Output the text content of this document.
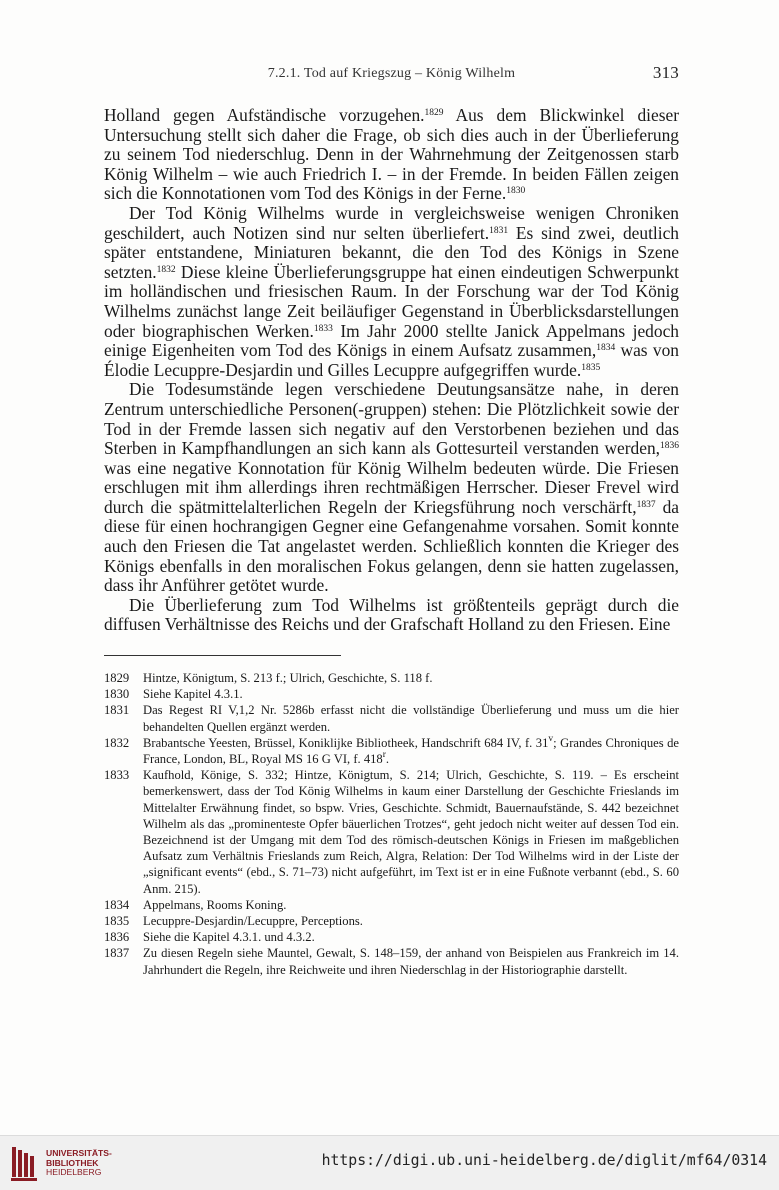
7.2.1. Tod auf Kriegszug – König Wilhelm	313

Holland gegen Aufständische vorzugehen.$^{1829}$ Aus dem Blickwinkel dieser Untersuchung stellt sich daher die Frage, ob sich dies auch in der Überlieferung zu seinem Tod niederschlug. Denn in der Wahrnehmung der Zeitgenossen starb König Wilhelm – wie auch Friedrich I. – in der Fremde. In beiden Fällen zeigen sich die Konnotationen vom Tod des Königs in der Ferne.$^{1830}$

Der Tod König Wilhelms wurde in vergleichsweise wenigen Chroniken geschildert, auch Notizen sind nur selten überliefert.$^{1831}$ Es sind zwei, deutlich später entstandene, Miniaturen bekannt, die den Tod des Königs in Szene setzten.$^{1832}$ Diese kleine Überlieferungsgruppe hat einen eindeutigen Schwerpunkt im holländischen und friesischen Raum. In der Forschung war der Tod König Wilhelms zunächst lange Zeit beiläufiger Gegenstand in Überblicksdarstellungen oder biographischen Werken.$^{1833}$ Im Jahr 2000 stellte Janick Appelmans jedoch einige Eigenheiten vom Tod des Königs in einem Aufsatz zusammen,$^{1834}$ was von Élodie Lecuppre-Desjardin und Gilles Lecuppre aufgegriffen wurde.$^{1835}$

Die Todesumstände legen verschiedene Deutungsansätze nahe, in deren Zentrum unterschiedliche Personen(-gruppen) stehen: Die Plötzlichkeit sowie der Tod in der Fremde lassen sich negativ auf den Verstorbenen beziehen und das Sterben in Kampfhandlungen an sich kann als Gottesurteil verstanden werden,$^{1836}$ was eine negative Konnotation für König Wilhelm bedeuten würde. Die Friesen erschlugen mit ihm allerdings ihren rechtmäßigen Herrscher. Dieser Frevel wird durch die spätmittelalterlichen Regeln der Kriegsführung noch verschärft,$^{1837}$ da diese für einen hochrangigen Gegner eine Gefangenahme vorsahen. Somit konnte auch den Friesen die Tat angelastet werden. Schließlich konnten die Krieger des Königs ebenfalls in den moralischen Fokus gelangen, denn sie hatten zugelassen, dass ihr Anführer getötet wurde.

Die Überlieferung zum Tod Wilhelms ist größtenteils geprägt durch die diffusen Verhältnisse des Reichs und der Grafschaft Holland zu den Friesen. Eine

1829	Hintze, Königtum, S. 213 f.; Ulrich, Geschichte, S. 118 f.
1830	Siehe Kapitel 4.3.1.
1831	Das Regest RI V,1,2 Nr. 5286b erfasst nicht die vollständige Überlieferung und muss um die hier behandelten Quellen ergänzt werden.
1832	Brabantsche Yeesten, Brüssel, Koniklijke Bibliotheek, Handschrift 684 IV, f. 31$^v$; Grandes Chroniques de France, London, BL, Royal MS 16 G VI, f. 418$^r$.
1833	Kaufhold, Könige, S. 332; Hintze, Königtum, S. 214; Ulrich, Geschichte, S. 119. – Es erscheint bemerkenswert, dass der Tod König Wilhelms in kaum einer Darstellung der Geschichte Frieslands im Mittelalter Erwähnung findet, so bspw. Vries, Geschichte. Schmidt, Bauernaufstände, S. 442 bezeichnet Wilhelm als das „prominenteste Opfer bäuerlichen Trotzes“, geht jedoch nicht weiter auf dessen Tod ein. Bezeichnend ist der Umgang mit dem Tod des römisch-deutschen Königs in Friesen im maßgeblichen Aufsatz zum Verhältnis Frieslands zum Reich, Algra, Relation: Der Tod Wilhelms wird in der Liste der „significant events“ (ebd., S. 71–73) nicht aufgeführt, im Text ist er in eine Fußnote verbannt (ebd., S. 60 Anm. 215).
1834	Appelmans, Rooms Koning.
1835	Lecuppre-Desjardin/Lecuppre, Perceptions.
1836	Siehe die Kapitel 4.3.1. und 4.3.2.
1837	Zu diesen Regeln siehe Mauntel, Gewalt, S. 148–159, der anhand von Beispielen aus Frankreich im 14. Jahrhundert die Regeln, ihre Reichweite und ihren Niederschlag in der Historiographie darstellt.
UNIVERSITÄTS-
BIBLIOTHEK
HEIDELBERG
https://digi.ub.uni-heidelberg.de/diglit/mf64/0314
